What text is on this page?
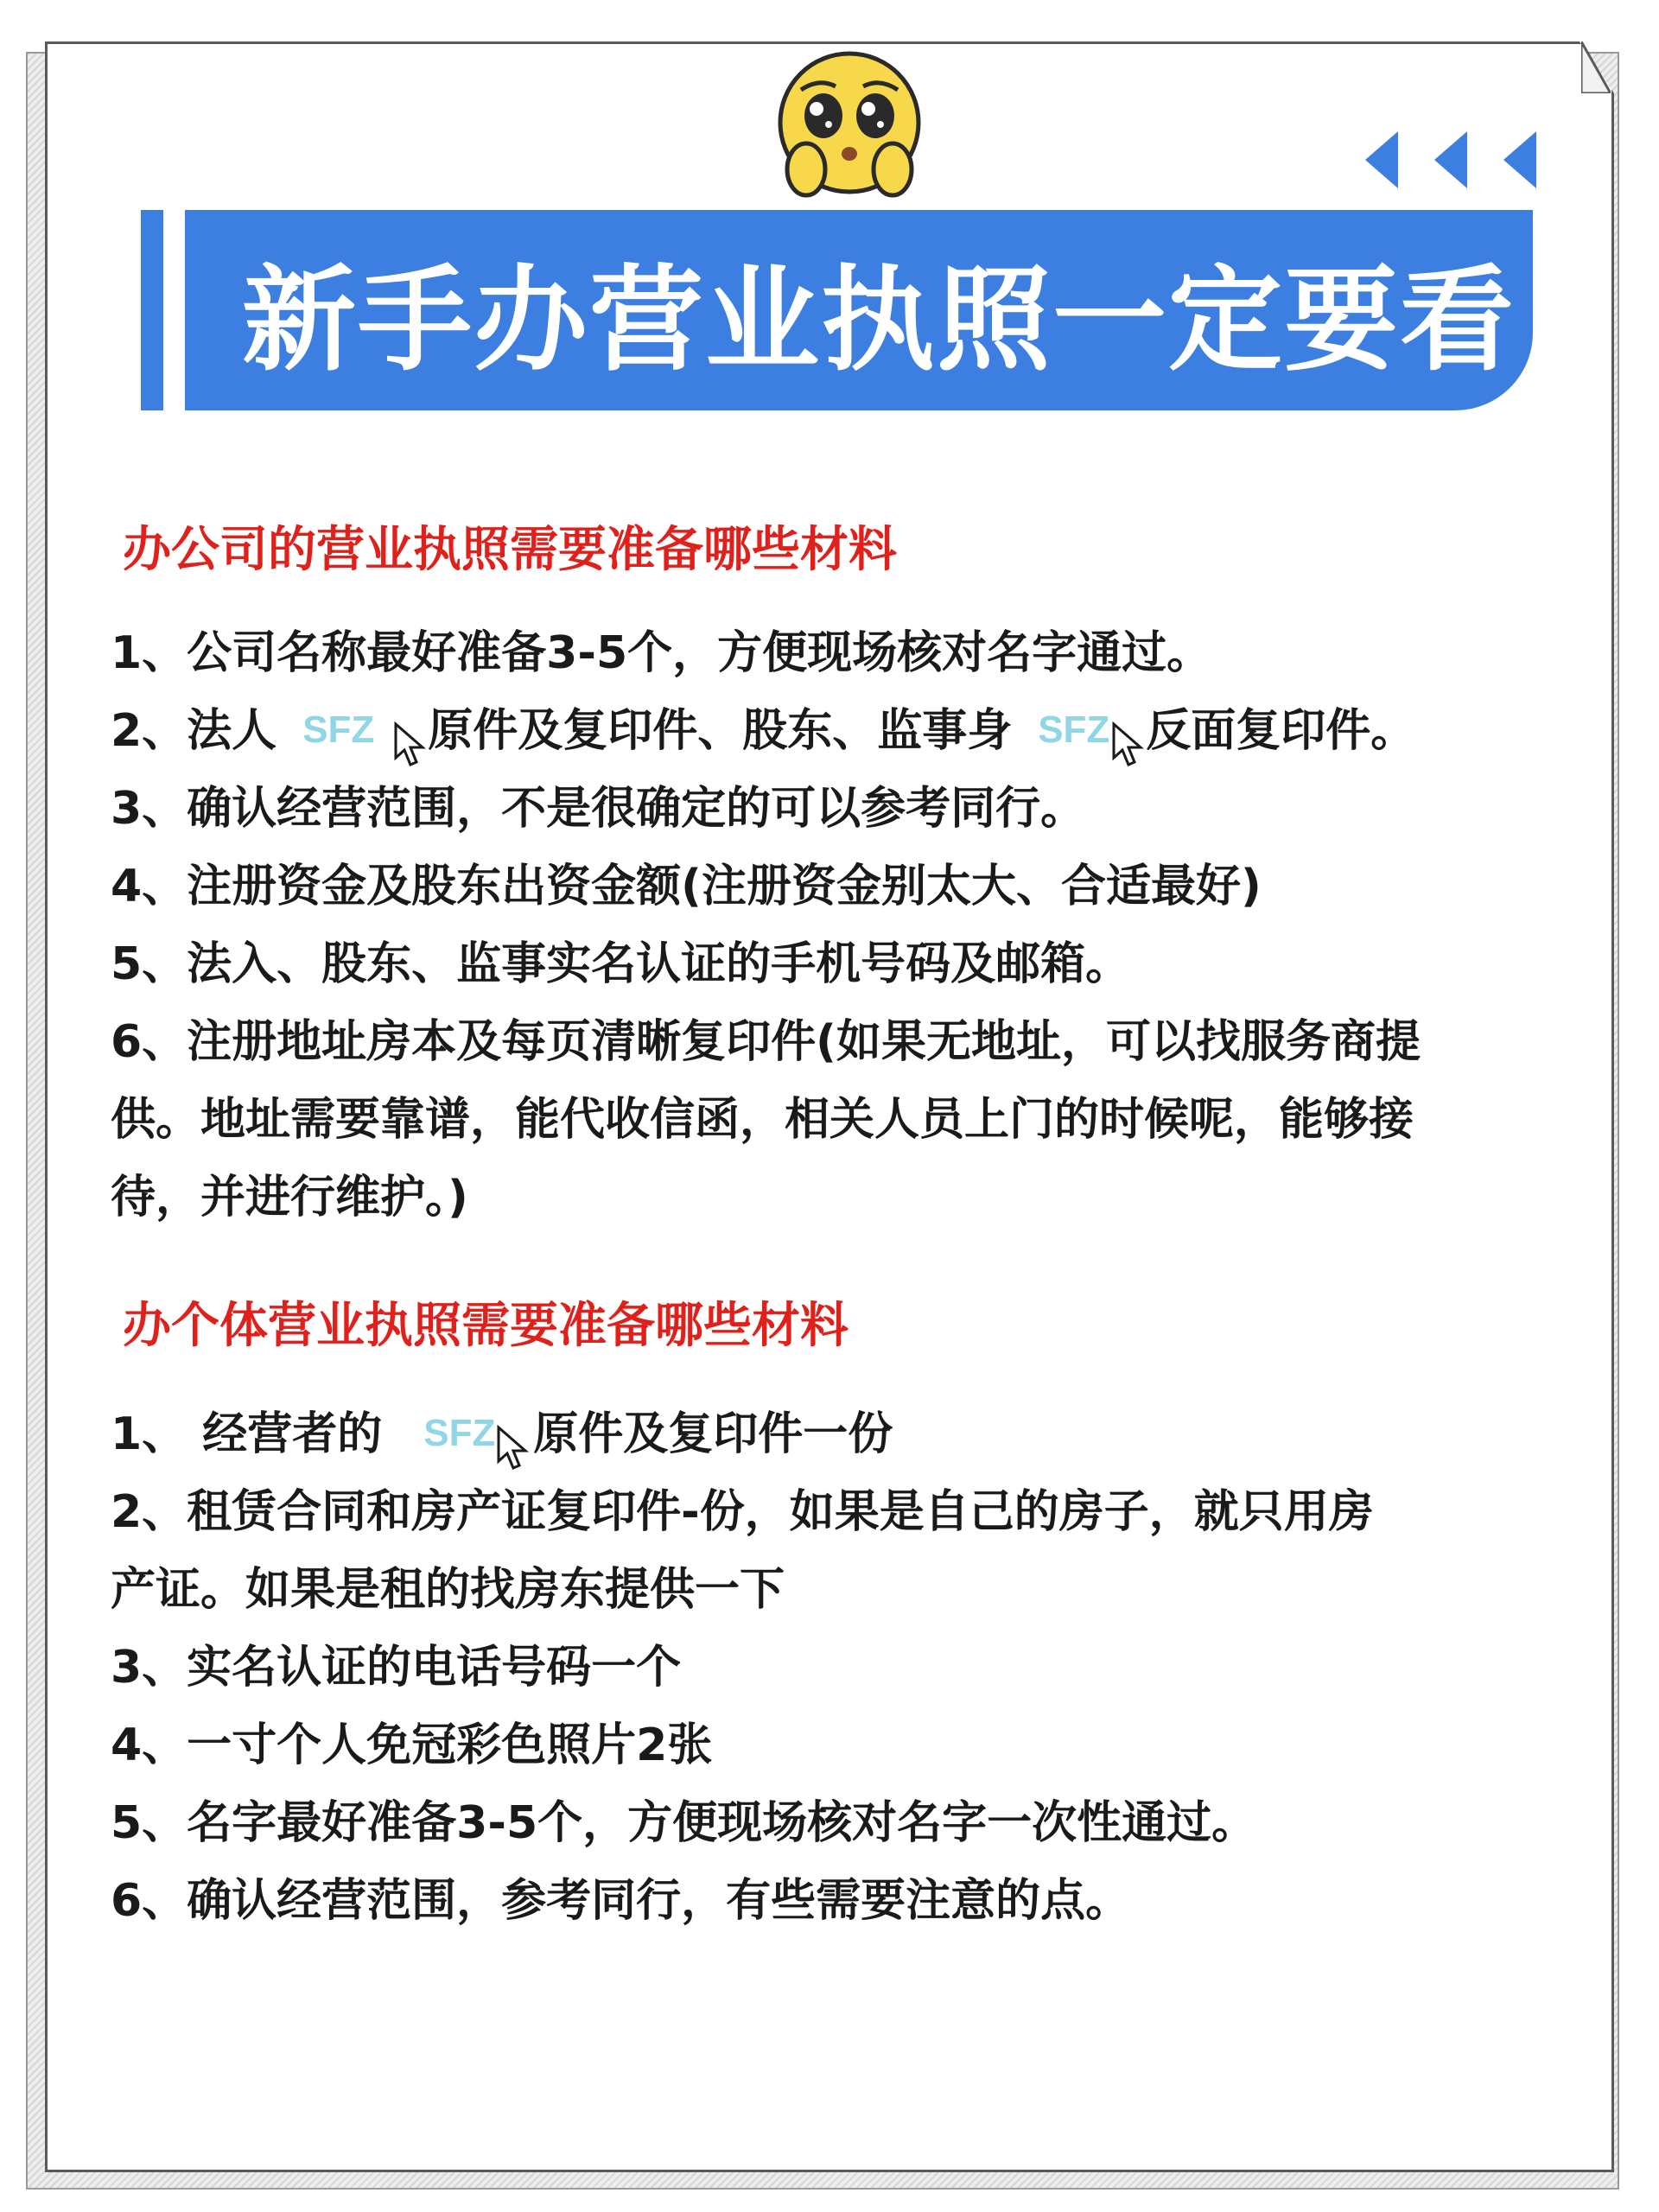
新手办营业执照一定要看
办公司的营业执照需要准备哪些材料
1、公司名称最好准备3-5个，方便现场核对名字通过。
2、法人 SFZ 原件及复印件、股东、监事身 SFZ 反面复印件。
3、确认经营范围，不是很确定的可以参考同行。
4、注册资金及股东出资金额(注册资金别太大、合适最好)
5、法入、股东、监事实名认证的手机号码及邮箱。
6、注册地址房本及每页清晰复印件(如果无地址，可以找服务商提
供。地址需要靠谱，能代收信函，相关人员上门的时候呢，能够接
待，并进行维护。)
办个体营业执照需要准备哪些材料
1、 经营者的 SFZ 原件及复印件一份
2、租赁合同和房产证复印件-份，如果是自己的房子，就只用房
产证。如果是租的找房东提供一下
3、实名认证的电话号码一个
4、一寸个人免冠彩色照片2张
5、名字最好准备3-5个，方便现场核对名字一次性通过。
6、确认经营范围，参考同行，有些需要注意的点。
